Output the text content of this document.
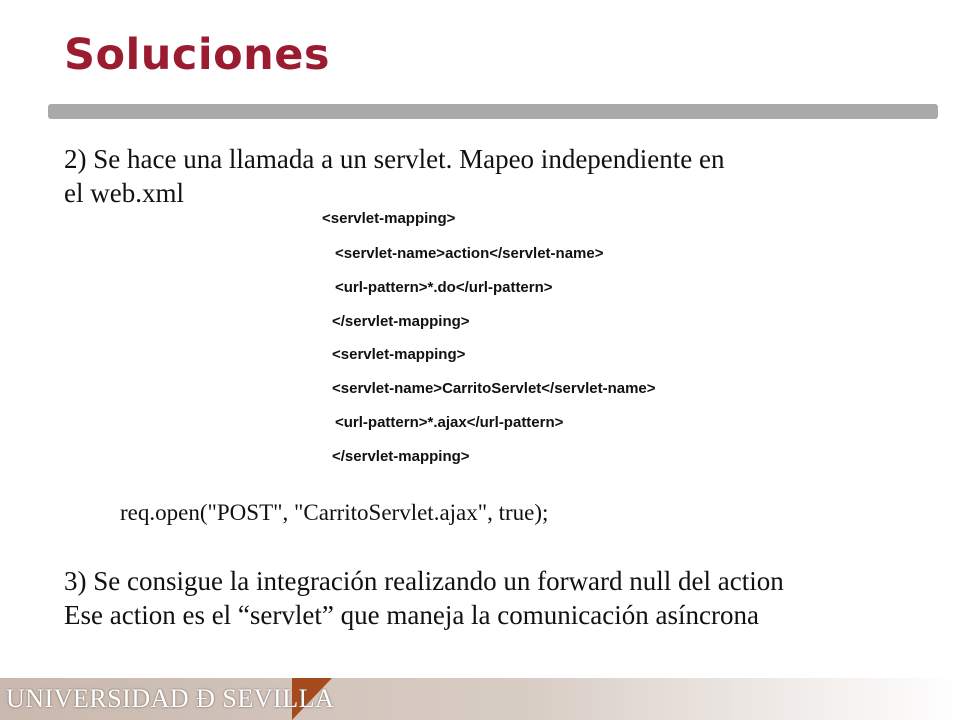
Soluciones
2) Se hace una llamada a un servlet. Mapeo independiente en
el web.xml
<servlet-mapping>
<servlet-name>action</servlet-name>
<url-pattern>*.do</url-pattern>
</servlet-mapping>
<servlet-mapping>
<servlet-name>CarritoServlet</servlet-name>
<url-pattern>*.ajax</url-pattern>
</servlet-mapping>
req.open("POST", "CarritoServlet.ajax", true);
3) Se consigue la integración realizando un forward null del action
Ese action es el “servlet” que maneja la comunicación asíncrona
UNIVERSIDAD Ð SEVILLA
